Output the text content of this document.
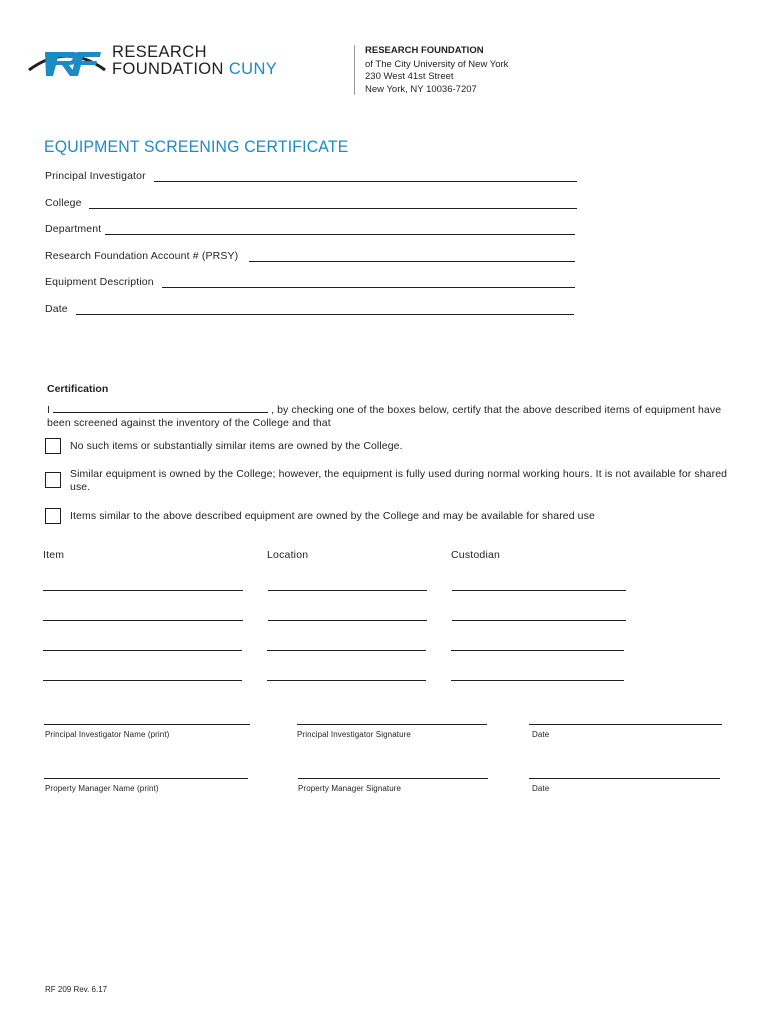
RESEARCH
FOUNDATION CUNY
RESEARCH FOUNDATION
of The City University of New York
230 West 41st Street
New York, NY 10036-7207
EQUIPMENT SCREENING CERTIFICATE
Principal Investigator
College
Department
Research Foundation Account # (PRSY)
Equipment Description
Date
Certification
I	, by checking one of the boxes below, certify that the above described items of equipment have been screened against the inventory of the College and that
No such items or substantially similar items are owned by the College.
Similar equipment is owned by the College; however, the equipment is fully used during normal working hours. It is not available for shared use.
Items similar to the above described equipment are owned by the College and may be available for shared use
Item	Location	Custodian
Principal Investigator Name (print)	Principal Investigator Signature	Date
Property Manager Name (print)	Property Manager Signature	Date
RF 209 Rev. 6.17
